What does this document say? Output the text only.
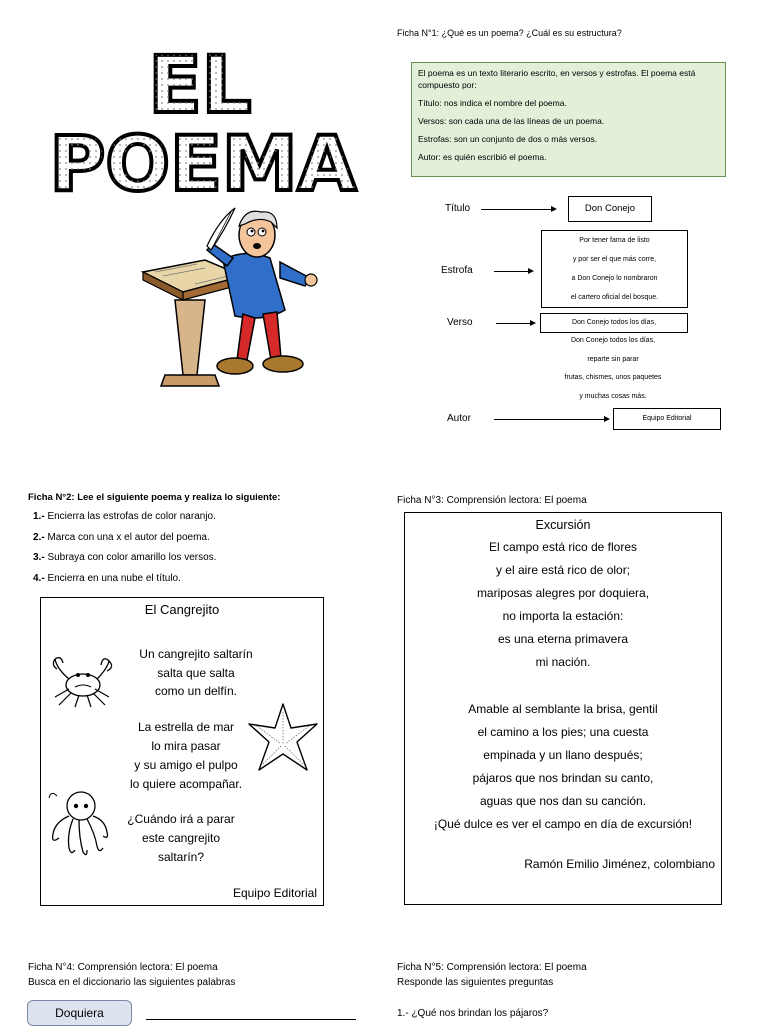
EL
POEMA
Ficha N°1: ¿Qué es un poema? ¿Cuál es su estructura?

El poema es un texto literario escrito, en versos y estrofas. El poema está compuesto por:

Título: nos indica el nombre del poema.

Versos: son cada una de las líneas de un poema.

Estrofas: son un conjunto de dos o más versos.

Autor: es quién escribió el poema.

Título	Don Conejo
Estrofa
Por tener fama de listo
y por ser el que más corre,
a Don Conejo lo nombraron
el cartero oficial del bosque.
Verso	Don Conejo todos los días,
Don Conejo todos los días,
reparte sin parar
frutas, chismes, unos paquetes
y muchas cosas más.
Autor	Equipo Editorial
Ficha N°2: Lee el siguiente poema y realiza lo siguiente:
1.- Encierra las estrofas de color naranjo.
2.- Marca con una x el autor del poema.
3.- Subraya con color amarillo los versos.
4.- Encierra en una nube el título.
El Cangrejito
Un cangrejito saltarín
salta que salta
como un delfín.
La estrella de mar
lo mira pasar
y su amigo el pulpo
lo quiere acompañar.
¿Cuándo irá a parar
este cangrejito
saltarín?
Equipo Editorial
Ficha N°3: Comprensión lectora: El poema
Excursión
El campo está rico de flores
y el aire está rico de olor;
mariposas alegres por doquiera,
no importa la estación:
es una eterna primavera
mi nación.
Amable al semblante la brisa, gentil
el camino a los pies; una cuesta
empinada y un llano después;
pájaros que nos brindan su canto,
aguas que nos dan su canción.
¡Qué dulce es ver el campo en día de excursión!
Ramón Emilio Jiménez, colombiano
Ficha N°4: Comprensión lectora: El poema
Busca en el diccionario las siguientes palabras
Doquiera
Ficha N°5: Comprensión lectora: El poema
Responde las siguientes preguntas
1.- ¿Qué nos brindan los pájaros?
